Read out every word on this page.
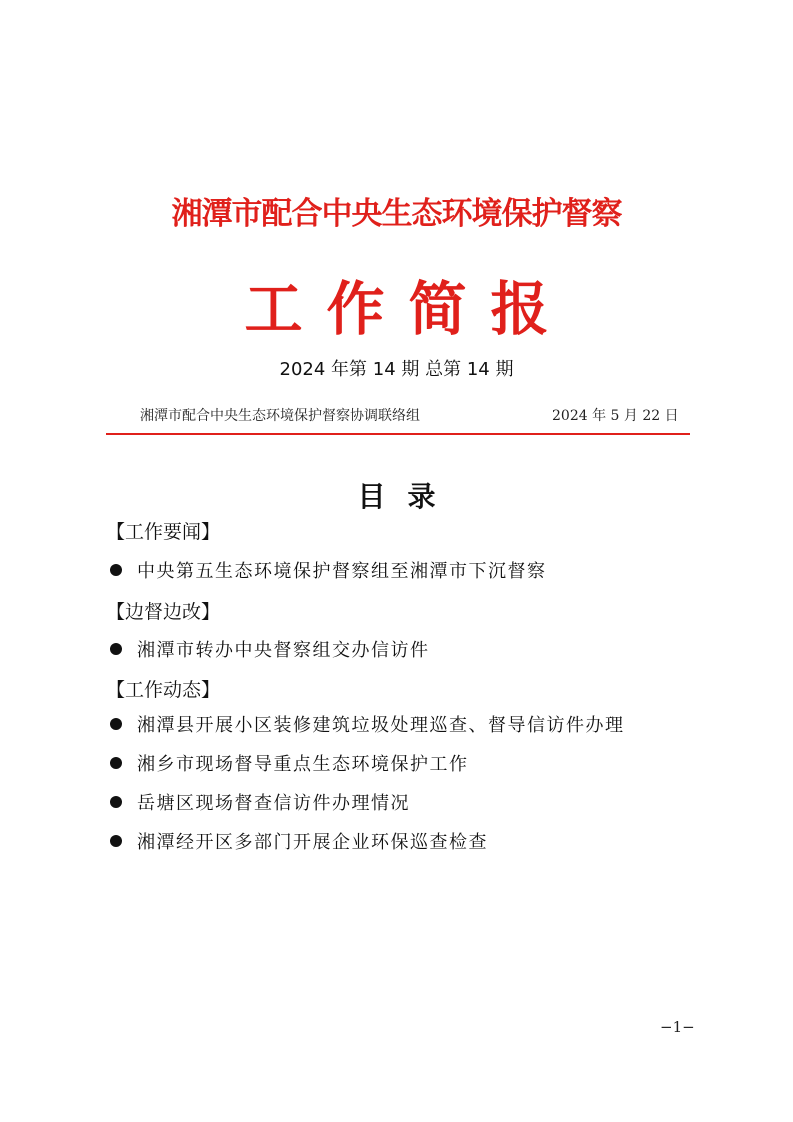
湘潭市配合中央生态环境保护督察
工作简报
2024 年第 14 期 总第 14 期
湘潭市配合中央生态环境保护督察协调联络组	2024 年 5 月 22 日
目录
【工作要闻】
中央第五生态环境保护督察组至湘潭市下沉督察
【边督边改】
湘潭市转办中央督察组交办信访件
【工作动态】
湘潭县开展小区装修建筑垃圾处理巡查、督导信访件办理
湘乡市现场督导重点生态环境保护工作
岳塘区现场督查信访件办理情况
湘潭经开区多部门开展企业环保巡查检查
−1−
